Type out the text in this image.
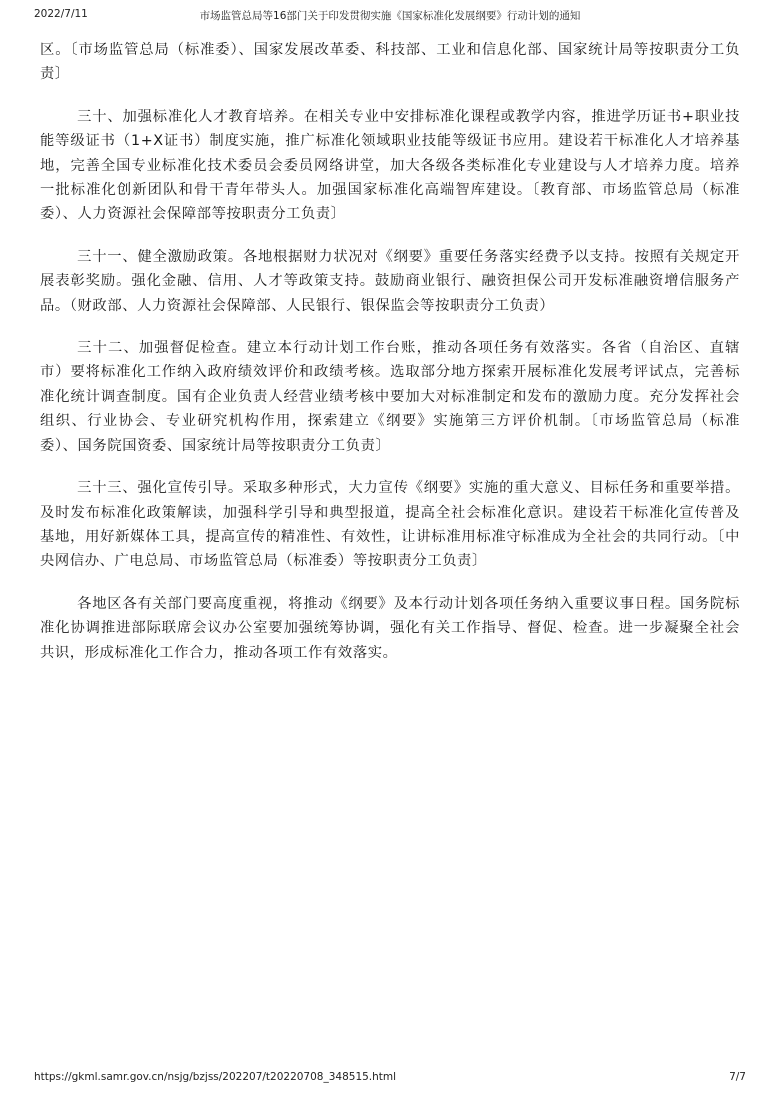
2022/7/11	市场监管总局等16部门关于印发贯彻实施《国家标准化发展纲要》行动计划的通知

区。〔市场监管总局（标准委）、国家发展改革委、科技部、工业和信息化部、国家统计局等按职责分工负责〕

三十、加强标准化人才教育培养。在相关专业中安排标准化课程或教学内容，推进学历证书+职业技能等级证书（1+X证书）制度实施，推广标准化领域职业技能等级证书应用。建设若干标准化人才培养基地，完善全国专业标准化技术委员会委员网络讲堂，加大各级各类标准化专业建设与人才培养力度。培养一批标准化创新团队和骨干青年带头人。加强国家标准化高端智库建设。〔教育部、市场监管总局（标准委）、人力资源社会保障部等按职责分工负责〕

三十一、健全激励政策。各地根据财力状况对《纲要》重要任务落实经费予以支持。按照有关规定开展表彰奖励。强化金融、信用、人才等政策支持。鼓励商业银行、融资担保公司开发标准融资增信服务产品。（财政部、人力资源社会保障部、人民银行、银保监会等按职责分工负责）

三十二、加强督促检查。建立本行动计划工作台账，推动各项任务有效落实。各省（自治区、直辖市）要将标准化工作纳入政府绩效评价和政绩考核。选取部分地方探索开展标准化发展考评试点，完善标准化统计调查制度。国有企业负责人经营业绩考核中要加大对标准制定和发布的激励力度。充分发挥社会组织、行业协会、专业研究机构作用，探索建立《纲要》实施第三方评价机制。〔市场监管总局（标准委）、国务院国资委、国家统计局等按职责分工负责〕

三十三、强化宣传引导。采取多种形式，大力宣传《纲要》实施的重大意义、目标任务和重要举措。及时发布标准化政策解读，加强科学引导和典型报道，提高全社会标准化意识。建设若干标准化宣传普及基地，用好新媒体工具，提高宣传的精准性、有效性，让讲标准用标准守标准成为全社会的共同行动。〔中央网信办、广电总局、市场监管总局（标准委）等按职责分工负责〕

各地区各有关部门要高度重视，将推动《纲要》及本行动计划各项任务纳入重要议事日程。国务院标准化协调推进部际联席会议办公室要加强统筹协调，强化有关工作指导、督促、检查。进一步凝聚全社会共识，形成标准化工作合力，推动各项工作有效落实。

https://gkml.samr.gov.cn/nsjg/bzjss/202207/t20220708_348515.html	7/7
